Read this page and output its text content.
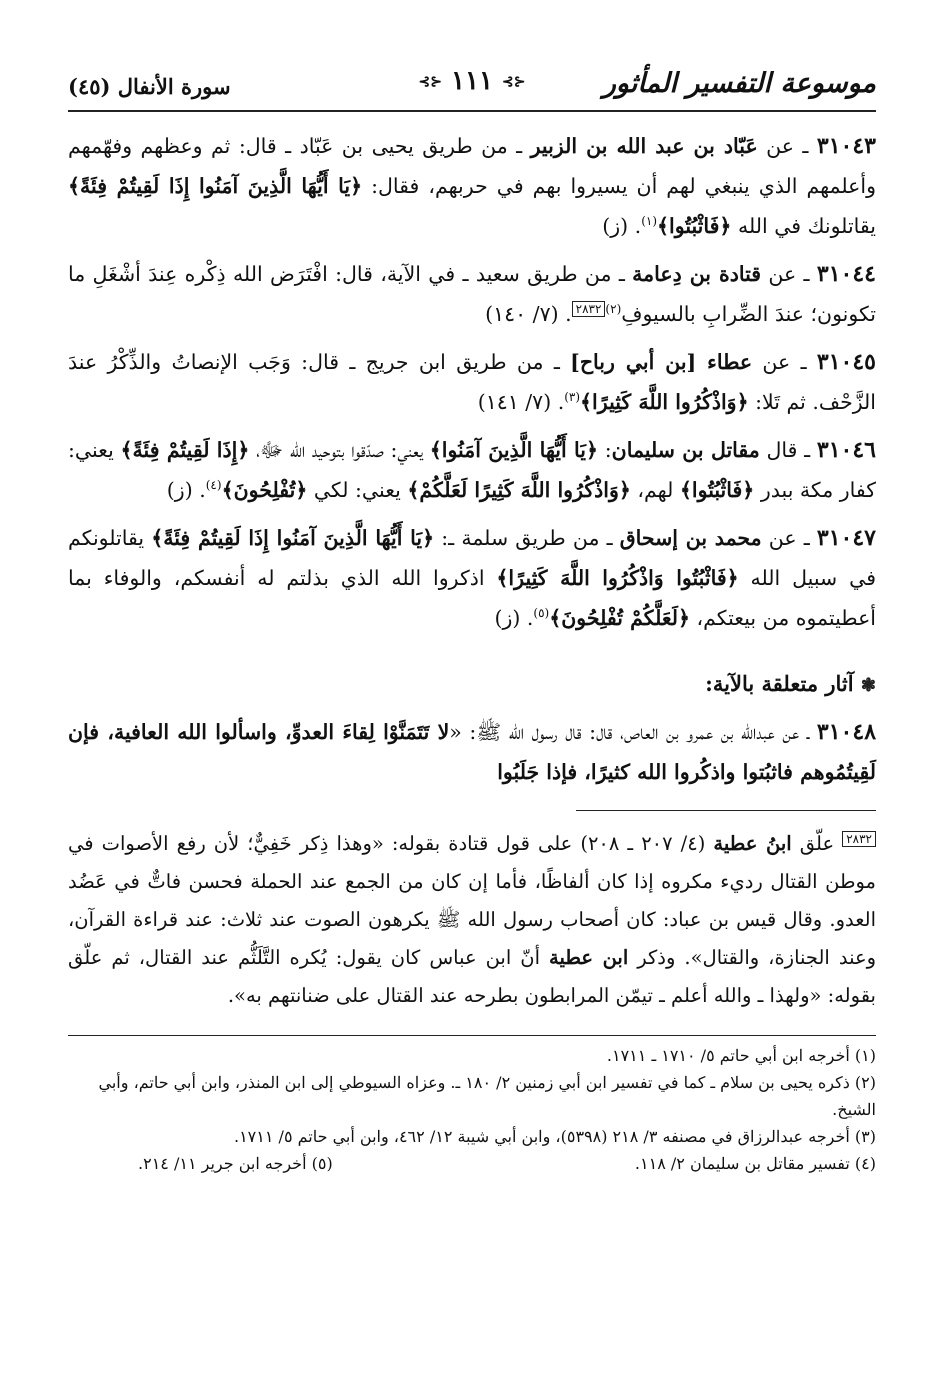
سورة الأنفال (٤٥)	⊰⊱ ١١١ ⊰⊱	موسوعة التفسير المأثور

٣١٠٤٣ ـ عن عَبّاد بن عبد الله بن الزبير ـ من طريق يحيى بن عَبّاد ـ قال: ثم وعظهم وفهّمهم وأعلمهم الذي ينبغي لهم أن يسيروا بهم في حربهم، فقال: ﴿يَا أَيُّهَا الَّذِينَ آمَنُوا إِذَا لَقِيتُمْ فِئَةً﴾ يقاتلونك في الله ﴿فَاثْبُتُوا﴾$^{(١)}$. (ز)

٣١٠٤٤ ـ عن قتادة بن دِعامة ـ من طريق سعيد ـ في الآية، قال: افْتَرَض الله ذِكْره عِندَ أشْغَلِ ما تكونون؛ عندَ الضِّرابِ بالسيوفِ$^{(٢)}$٢٨٣٢. (٧/ ١٤٠)

٣١٠٤٥ ـ عن عطاء [بن أبي رباح] ـ من طريق ابن جريج ـ قال: وَجَب الإنصاتُ والذِّكْرُ عندَ الزَّحْف. ثم تَلا: ﴿وَاذْكُرُوا اللَّهَ كَثِيرًا﴾$^{(٣)}$. (٧/ ١٤١)

٣١٠٤٦ ـ قال مقاتل بن سليمان: ﴿يَا أَيُّهَا الَّذِينَ آمَنُوا﴾ يعني: صدّقوا بتوحيد الله ﷻ، ﴿إِذَا لَقِيتُمْ فِئَةً﴾ يعني: كفار مكة ببدر ﴿فَاثْبُتُوا﴾ لهم، ﴿وَاذْكُرُوا اللَّهَ كَثِيرًا لَعَلَّكُمْ﴾ يعني: لكي ﴿تُفْلِحُونَ﴾$^{(٤)}$. (ز)

٣١٠٤٧ ـ عن محمد بن إسحاق ـ من طريق سلمة ـ: ﴿يَا أَيُّهَا الَّذِينَ آمَنُوا إِذَا لَقِيتُمْ فِئَةً﴾ يقاتلونكم في سبيل الله ﴿فَاثْبُتُوا وَاذْكُرُوا اللَّهَ كَثِيرًا﴾ اذكروا الله الذي بذلتم له أنفسكم، والوفاء بما أعطيتموه من بيعتكم، ﴿لَعَلَّكُمْ تُفْلِحُونَ﴾$^{(٥)}$. (ز)

❃ آثار متعلقة بالآية:

٣١٠٤٨ ـ عن عبدالله بن عمرو بن العاص، قال: قال رسول الله ﷺ: «لا تَتَمَنَّوْا لِقاءَ العدوِّ، واسألوا الله العافية، فإن لَقِيتُمُوهم فاثبُتوا واذكُروا الله كثيرًا، فإذا جَلَبُوا

٢٨٣٢ علّق ابنُ عطية (٤/ ٢٠٧ ـ ٢٠٨) على قول قتادة بقوله: «وهذا ذِكر خَفِيٌّ؛ لأن رفع الأصوات في موطن القتال رديء مكروه إذا كان ألفاظًا، فأما إن كان من الجمع عند الحملة فحسن فاتٌّ في عَضُد العدو. وقال قيس بن عباد: كان أصحاب رسول الله ﷺ يكرهون الصوت عند ثلاث: عند قراءة القرآن، وعند الجنازة، والقتال». وذكر ابن عطية أنّ ابن عباس كان يقول: يُكره التَّلَثُّم عند القتال، ثم علّق بقوله: «ولهذا ـ والله أعلم ـ تيمّن المرابطون بطرحه عند القتال على ضنانتهم به».

(١) أخرجه ابن أبي حاتم ٥/ ١٧١٠ ـ ١٧١١.

(٢) ذكره يحيى بن سلام ـ كما في تفسير ابن أبي زمنين ٢/ ١٨٠ ـ. وعزاه السيوطي إلى ابن المنذر، وابن أبي حاتم، وأبي الشيخ.

(٣) أخرجه عبدالرزاق في مصنفه ٣/ ٢١٨ (٥٣٩٨)، وابن أبي شيبة ١٢/ ٤٦٢، وابن أبي حاتم ٥/ ١٧١١.

(٤) تفسير مقاتل بن سليمان ٢/ ١١٨.
(٥) أخرجه ابن جرير ١١/ ٢١٤.
